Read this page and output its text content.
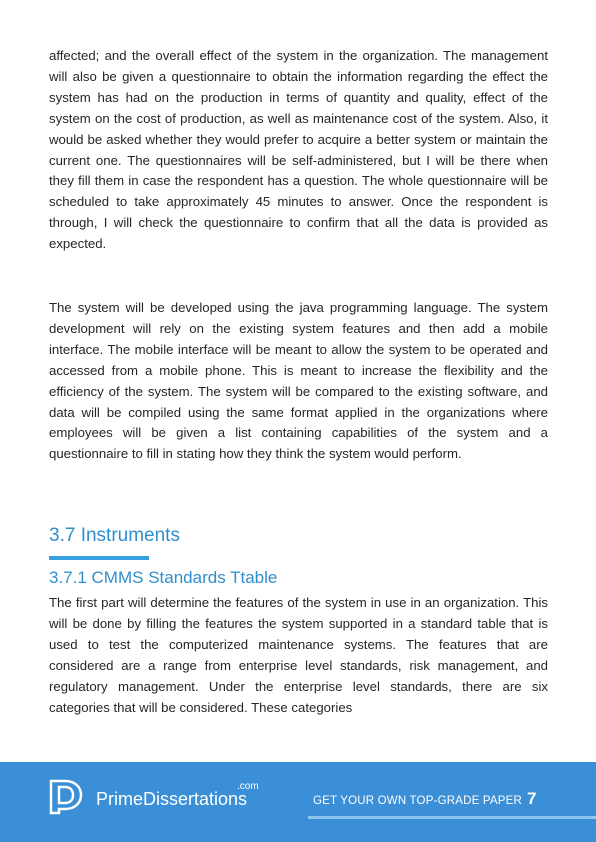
affected; and the overall effect of the system in the organization. The management will also be given a questionnaire to obtain the information regarding the effect the system has had on the production in terms of quantity and quality, effect of the system on the cost of production, as well as maintenance cost of the system. Also, it would be asked whether they would prefer to acquire a better system or maintain the current one. The questionnaires will be self-administered, but I will be there when they fill them in case the respondent has a question. The whole questionnaire will be scheduled to take approximately 45 minutes to answer. Once the respondent is through, I will check the questionnaire to confirm that all the data is provided as expected.

The system will be developed using the java programming language. The system development will rely on the existing system features and then add a mobile interface. The mobile interface will be meant to allow the system to be operated and accessed from a mobile phone. This is meant to increase the flexibility and the efficiency of the system. The system will be compared to the existing software, and data will be compiled using the same format applied in the organizations where employees will be given a list containing capabilities of the system and a questionnaire to fill in stating how they think the system would perform.

3.7 Instruments
3.7.1 CMMS Standards Ttable

The first part will determine the features of the system in use in an organization. This will be done by filling the features the system supported in a standard table that is used to test the computerized maintenance systems. The features that are considered are a range from enterprise level standards, risk management, and regulatory management. Under the enterprise level standards, there are six categories that will be considered. These categories

PrimeDissertations
.com
GET YOUR OWN TOP-GRADE PAPER 7
